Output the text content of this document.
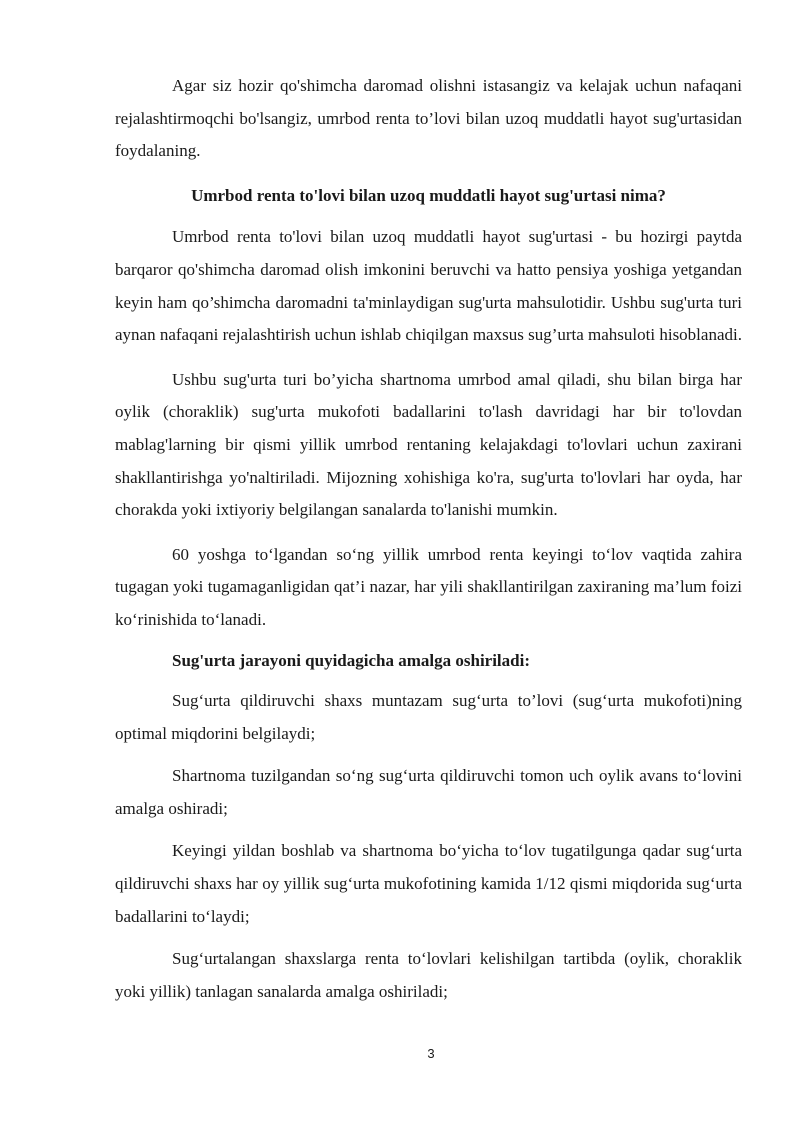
Agar siz hozir qo'shimcha daromad olishni istasangiz va kelajak uchun nafaqani rejalashtirmoqchi bo'lsangiz, umrbod renta to’lovi bilan uzoq muddatli hayot sug'urtasidan foydalaning.

Umrbod renta to'lovi bilan uzoq muddatli hayot sug'urtasi nima?

Umrbod renta to'lovi bilan uzoq muddatli hayot sug'urtasi - bu hozirgi paytda barqaror qo'shimcha daromad olish imkonini beruvchi va hatto pensiya yoshiga yetgandan keyin ham qo’shimcha daromadni ta'minlaydigan sug'urta mahsulotidir. Ushbu sug'urta turi aynan nafaqani rejalashtirish uchun ishlab chiqilgan maxsus sug’urta mahsuloti hisoblanadi.

Ushbu sug'urta turi bo’yicha shartnoma umrbod amal qiladi, shu bilan birga har oylik (choraklik) sug'urta mukofoti badallarini to'lash davridagi har bir to'lovdan mablag'larning bir qismi yillik umrbod rentaning kelajakdagi to'lovlari uchun zaxirani shakllantirishga yo'naltiriladi. Mijozning xohishiga ko'ra, sug'urta to'lovlari har oyda, har chorakda yoki ixtiyoriy belgilangan sanalarda to'lanishi mumkin.

60 yoshga to‘lgandan so‘ng yillik umrbod renta keyingi to‘lov vaqtida zahira tugagan yoki tugamaganligidan qat’i nazar, har yili shakllantirilgan zaxiraning ma’lum foizi ko‘rinishida to‘lanadi.

Sug'urta jarayoni quyidagicha amalga oshiriladi:

Sug‘urta qildiruvchi shaxs muntazam sug‘urta to’lovi (sug‘urta mukofoti)ning optimal miqdorini belgilaydi;

Shartnoma tuzilgandan so‘ng sug‘urta qildiruvchi tomon uch oylik avans to‘lovini amalga oshiradi;

Keyingi yildan boshlab va shartnoma bo‘yicha to‘lov tugatilgunga qadar sug‘urta qildiruvchi shaxs har oy yillik sug‘urta mukofotining kamida 1/12 qismi miqdorida sug‘urta badallarini to‘laydi;

Sug‘urtalangan shaxslarga renta to‘lovlari kelishilgan tartibda (oylik, choraklik yoki yillik) tanlagan sanalarda amalga oshiriladi;

3
